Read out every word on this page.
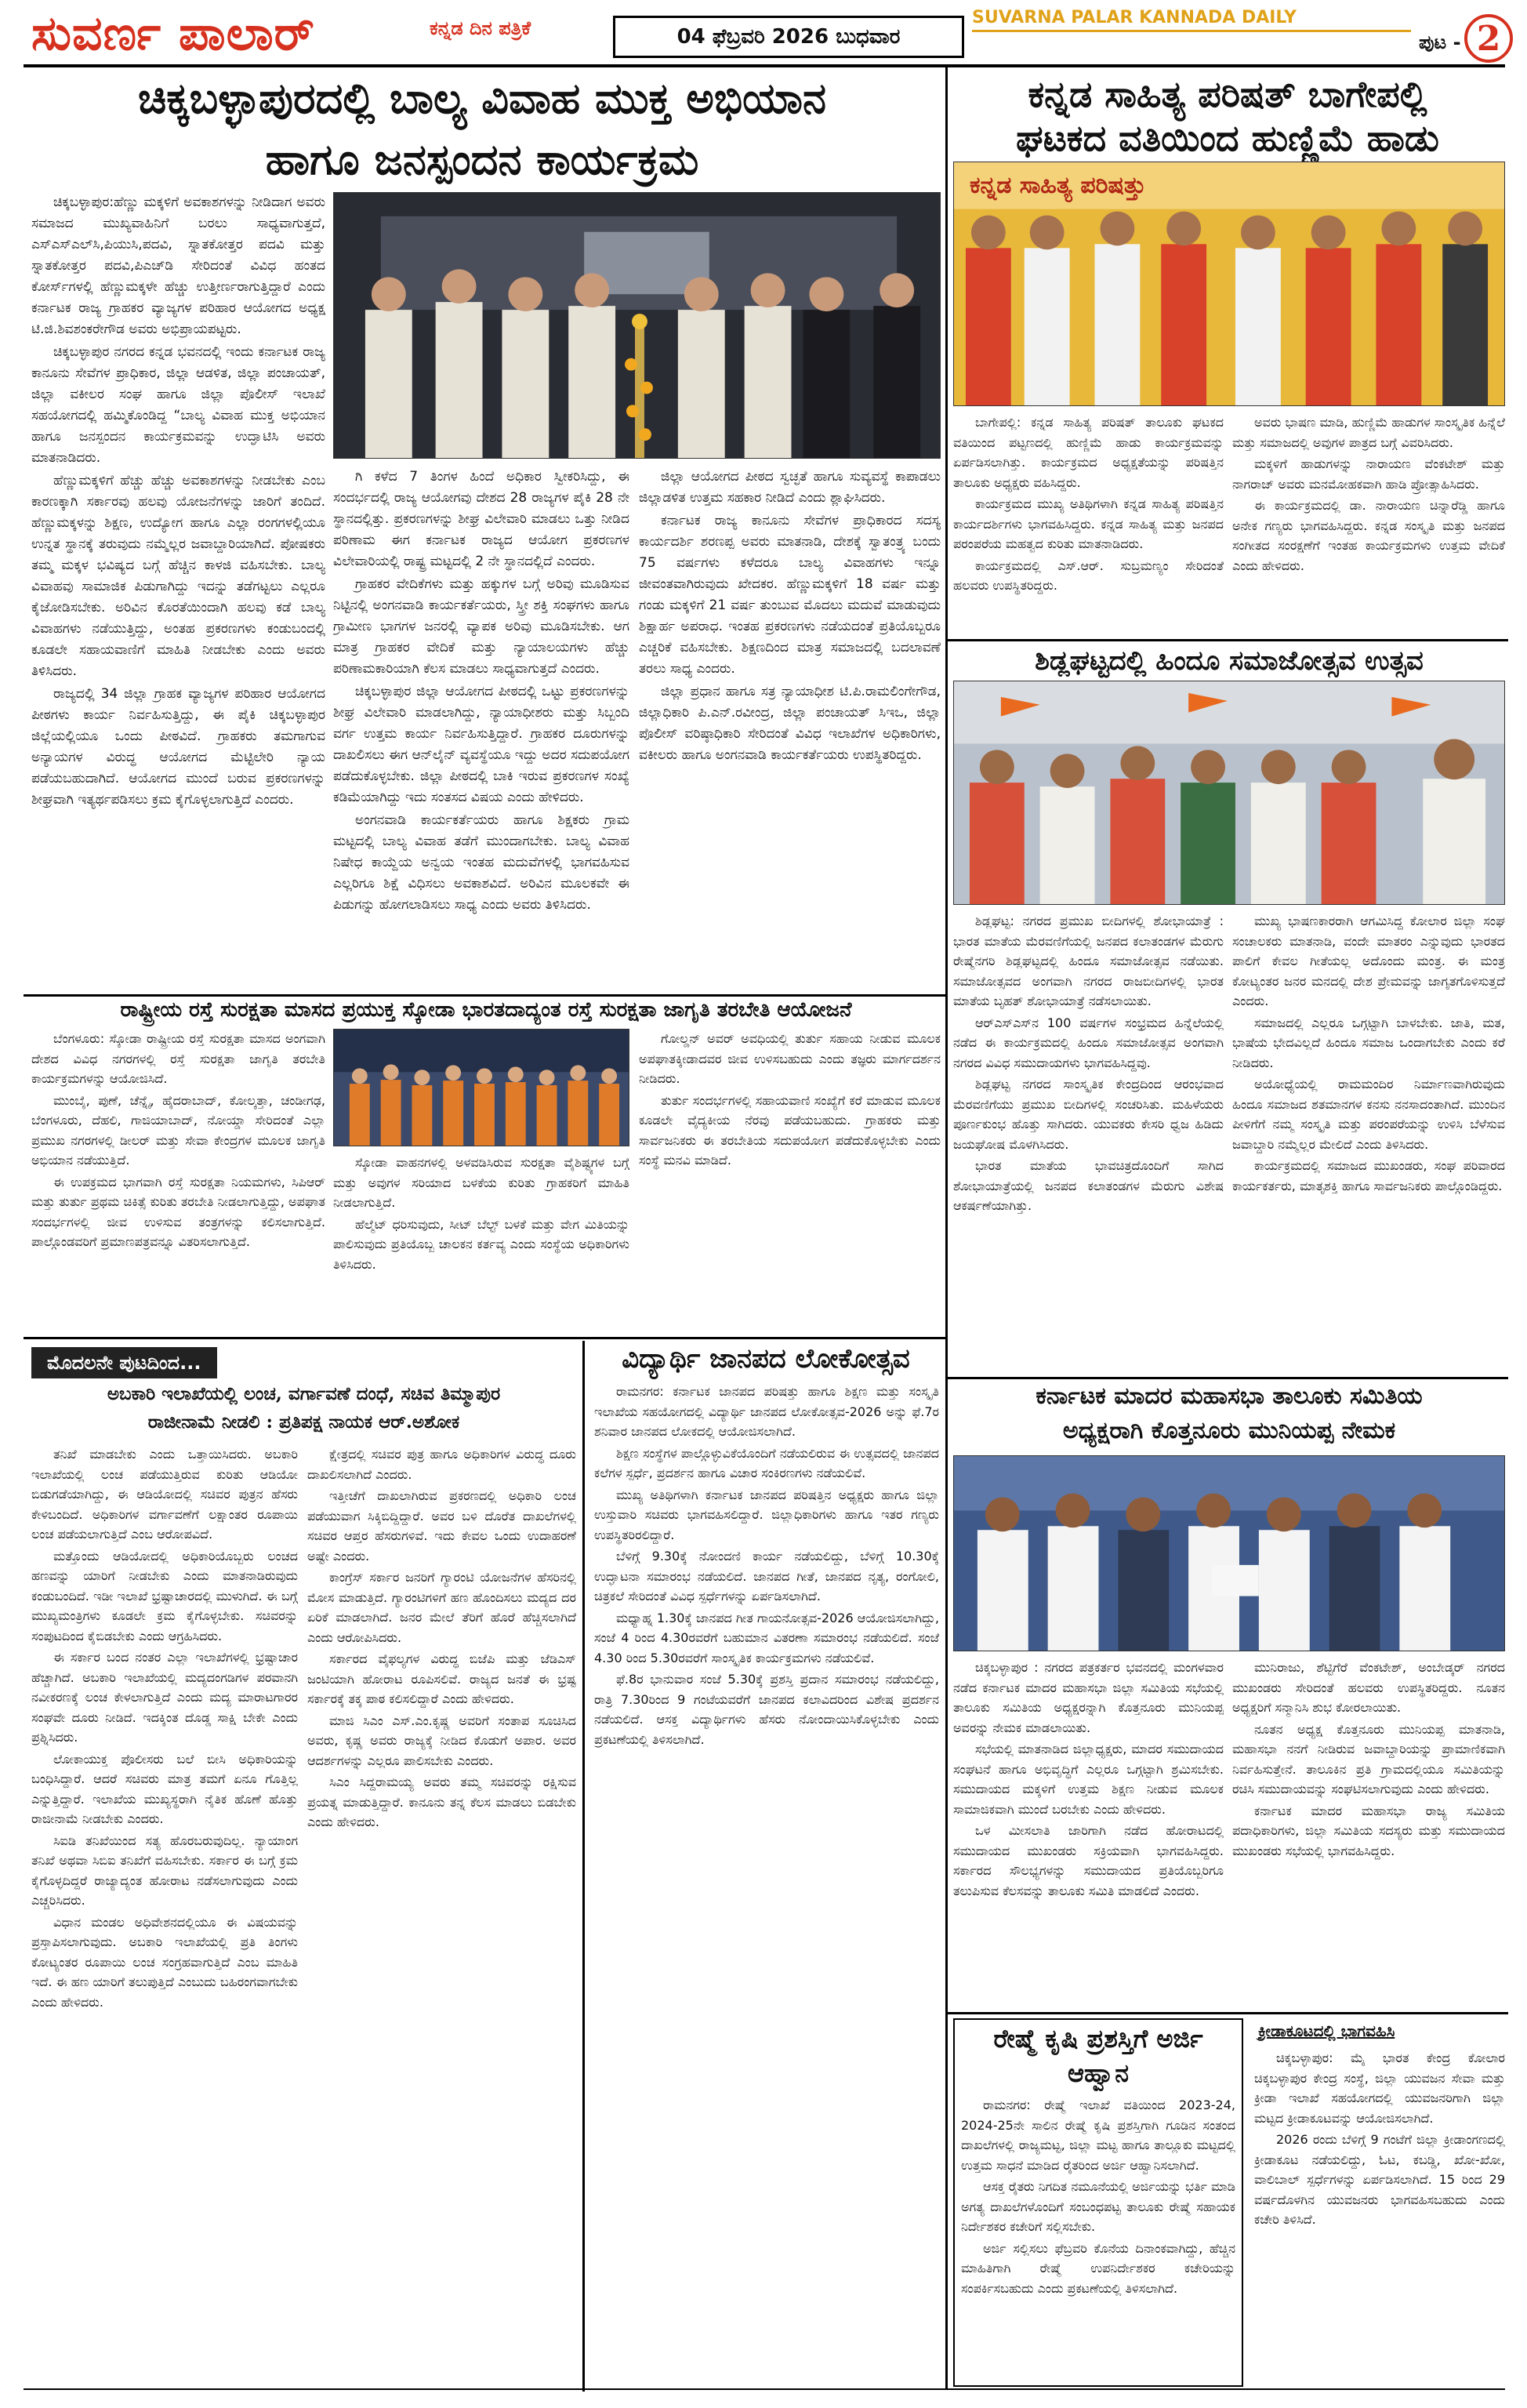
ಸುವರ್ಣ ಪಾಲಾರ್	ಕನ್ನಡ ದಿನ ಪತ್ರಿಕೆ	04 ಫೆಬ್ರವರಿ 2026 ಬುಧವಾರ
SUVARNA PALAR KANNADA DAILY
ಪುಟ - 2
ಚಿಕ್ಕಬಳ್ಳಾಪುರದಲ್ಲಿ ಬಾಲ್ಯ ವಿವಾಹ ಮುಕ್ತ ಅಭಿಯಾನ
ಹಾಗೂ ಜನಸ್ಪಂದನ ಕಾರ್ಯಕ್ರಮ

ಚಿಕ್ಕಬಳ್ಳಾಪುರ:ಹೆಣ್ಣು ಮಕ್ಕಳಿಗೆ ಅವಕಾಶಗಳನ್ನು ನೀಡಿದಾಗ ಅವರು ಸಮಾಜದ ಮುಖ್ಯವಾಹಿನಿಗೆ ಬರಲು ಸಾಧ್ಯವಾಗುತ್ತದೆ, ಎಸ್‌ಎಸ್‌ಎಲ್‌ಸಿ,ಪಿಯುಸಿ,ಪದವಿ, ಸ್ನಾತಕೋತ್ತರ ಪದವಿ ಮತ್ತು ಸ್ನಾತಕೋತ್ತರ ಪದವಿ,ಪಿಎಚ್‌ಡಿ ಸೇರಿದಂತೆ ವಿವಿಧ ಹಂತದ ಕೋರ್ಸ್‌ಗಳಲ್ಲಿ ಹೆಣ್ಣುಮಕ್ಕಳೇ ಹೆಚ್ಚು ಉತ್ತೀರ್ಣರಾಗುತ್ತಿದ್ದಾರೆ ಎಂದು ಕರ್ನಾಟಕ ರಾಜ್ಯ ಗ್ರಾಹಕರ ವ್ಯಾಜ್ಯಗಳ ಪರಿಹಾರ ಆಯೋಗದ ಅಧ್ಯಕ್ಷ ಟಿ.ಜಿ.ಶಿವಶಂಕರೇಗೌಡ ಅವರು ಅಭಿಪ್ರಾಯಪಟ್ಟರು.

ಚಿಕ್ಕಬಳ್ಳಾಪುರ ನಗರದ ಕನ್ನಡ ಭವನದಲ್ಲಿ ಇಂದು ಕರ್ನಾಟಕ ರಾಜ್ಯ ಕಾನೂನು ಸೇವೆಗಳ ಪ್ರಾಧಿಕಾರ, ಜಿಲ್ಲಾ ಆಡಳಿತ, ಜಿಲ್ಲಾ ಪಂಚಾಯತ್, ಜಿಲ್ಲಾ ವಕೀಲರ ಸಂಘ ಹಾಗೂ ಜಿಲ್ಲಾ ಪೊಲೀಸ್ ಇಲಾಖೆ ಸಹಯೋಗದಲ್ಲಿ ಹಮ್ಮಿಕೊಂಡಿದ್ದ “ಬಾಲ್ಯ ವಿವಾಹ ಮುಕ್ತ ಅಭಿಯಾನ ಹಾಗೂ ಜನಸ್ಪಂದನ ಕಾರ್ಯಕ್ರಮವನ್ನು ಉದ್ಘಾಟಿಸಿ ಅವರು ಮಾತನಾಡಿದರು.

ಹೆಣ್ಣುಮಕ್ಕಳಿಗೆ ಹೆಚ್ಚು ಹೆಚ್ಚು ಅವಕಾಶಗಳನ್ನು ನೀಡಬೇಕು ಎಂಬ ಕಾರಣಕ್ಕಾಗಿ ಸರ್ಕಾರವು ಹಲವು ಯೋಜನೆಗಳನ್ನು ಜಾರಿಗೆ ತಂದಿದೆ. ಹೆಣ್ಣುಮಕ್ಕಳನ್ನು ಶಿಕ್ಷಣ, ಉದ್ಯೋಗ ಹಾಗೂ ಎಲ್ಲಾ ರಂಗಗಳಲ್ಲಿಯೂ ಉನ್ನತ ಸ್ಥಾನಕ್ಕೆ ತರುವುದು ನಮ್ಮೆಲ್ಲರ ಜವಾಬ್ದಾರಿಯಾಗಿದೆ. ಪೋಷಕರು ತಮ್ಮ ಮಕ್ಕಳ ಭವಿಷ್ಯದ ಬಗ್ಗೆ ಹೆಚ್ಚಿನ ಕಾಳಜಿ ವಹಿಸಬೇಕು. ಬಾಲ್ಯ ವಿವಾಹವು ಸಾಮಾಜಿಕ ಪಿಡುಗಾಗಿದ್ದು ಇದನ್ನು ತಡೆಗಟ್ಟಲು ಎಲ್ಲರೂ ಕೈಜೋಡಿಸಬೇಕು. ಅರಿವಿನ ಕೊರತೆಯಿಂದಾಗಿ ಹಲವು ಕಡೆ ಬಾಲ್ಯ ವಿವಾಹಗಳು ನಡೆಯುತ್ತಿದ್ದು, ಅಂತಹ ಪ್ರಕರಣಗಳು ಕಂಡುಬಂದಲ್ಲಿ ಕೂಡಲೇ ಸಹಾಯವಾಣಿಗೆ ಮಾಹಿತಿ ನೀಡಬೇಕು ಎಂದು ಅವರು ತಿಳಿಸಿದರು.

ರಾಜ್ಯದಲ್ಲಿ 34 ಜಿಲ್ಲಾ ಗ್ರಾಹಕ ವ್ಯಾಜ್ಯಗಳ ಪರಿಹಾರ ಆಯೋಗದ ಪೀಠಗಳು ಕಾರ್ಯ ನಿರ್ವಹಿಸುತ್ತಿದ್ದು, ಈ ಪೈಕಿ ಚಿಕ್ಕಬಳ್ಳಾಪುರ ಜಿಲ್ಲೆಯಲ್ಲಿಯೂ ಒಂದು ಪೀಠವಿದೆ. ಗ್ರಾಹಕರು ತಮಗಾಗುವ ಅನ್ಯಾಯಗಳ ವಿರುದ್ಧ ಆಯೋಗದ ಮೆಟ್ಟಿಲೇರಿ ನ್ಯಾಯ ಪಡೆಯಬಹುದಾಗಿದೆ. ಆಯೋಗದ ಮುಂದೆ ಬರುವ ಪ್ರಕರಣಗಳನ್ನು ಶೀಘ್ರವಾಗಿ ಇತ್ಯರ್ಥಪಡಿಸಲು ಕ್ರಮ ಕೈಗೊಳ್ಳಲಾಗುತ್ತಿದೆ ಎಂದರು.

ಗಿ ಕಳೆದ 7 ತಿಂಗಳ ಹಿಂದೆ ಅಧಿಕಾರ ಸ್ವೀಕರಿಸಿದ್ದು, ಈ ಸಂದರ್ಭದಲ್ಲಿ ರಾಜ್ಯ ಆಯೋಗವು ದೇಶದ 28 ರಾಜ್ಯಗಳ ಪೈಕಿ 28 ನೇ ಸ್ಥಾನದಲ್ಲಿತ್ತು. ಪ್ರಕರಣಗಳನ್ನು ಶೀಘ್ರ ವಿಲೇವಾರಿ ಮಾಡಲು ಒತ್ತು ನೀಡಿದ ಪರಿಣಾಮ ಈಗ ಕರ್ನಾಟಕ ರಾಜ್ಯದ ಆಯೋಗ ಪ್ರಕರಣಗಳ ವಿಲೇವಾರಿಯಲ್ಲಿ ರಾಷ್ಟ್ರ ಮಟ್ಟದಲ್ಲಿ 2 ನೇ ಸ್ಥಾನದಲ್ಲಿದೆ ಎಂದರು.

ಗ್ರಾಹಕರ ವೇದಿಕೆಗಳು ಮತ್ತು ಹಕ್ಕುಗಳ ಬಗ್ಗೆ ಅರಿವು ಮೂಡಿಸುವ ನಿಟ್ಟಿನಲ್ಲಿ ಅಂಗನವಾಡಿ ಕಾರ್ಯಕರ್ತೆಯರು, ಸ್ತ್ರೀ ಶಕ್ತಿ ಸಂಘಗಳು ಹಾಗೂ ಗ್ರಾಮೀಣ ಭಾಗಗಳ ಜನರಲ್ಲಿ ವ್ಯಾಪಕ ಅರಿವು ಮೂಡಿಸಬೇಕು. ಆಗ ಮಾತ್ರ ಗ್ರಾಹಕರ ವೇದಿಕೆ ಮತ್ತು ನ್ಯಾಯಾಲಯಗಳು ಹೆಚ್ಚು ಪರಿಣಾಮಕಾರಿಯಾಗಿ ಕೆಲಸ ಮಾಡಲು ಸಾಧ್ಯವಾಗುತ್ತದೆ ಎಂದರು.

ಚಿಕ್ಕಬಳ್ಳಾಪುರ ಜಿಲ್ಲಾ ಆಯೋಗದ ಪೀಠದಲ್ಲಿ ಒಟ್ಟು ಪ್ರಕರಣಗಳನ್ನು ಶೀಘ್ರ ವಿಲೇವಾರಿ ಮಾಡಲಾಗಿದ್ದು, ನ್ಯಾಯಾಧೀಶರು ಮತ್ತು ಸಿಬ್ಬಂದಿ ವರ್ಗ ಉತ್ತಮ ಕಾರ್ಯ ನಿರ್ವಹಿಸುತ್ತಿದ್ದಾರೆ. ಗ್ರಾಹಕರ ದೂರುಗಳನ್ನು ದಾಖಲಿಸಲು ಈಗ ಆನ್‌ಲೈನ್ ವ್ಯವಸ್ಥೆಯೂ ಇದ್ದು ಅದರ ಸದುಪಯೋಗ ಪಡೆದುಕೊಳ್ಳಬೇಕು. ಜಿಲ್ಲಾ ಪೀಠದಲ್ಲಿ ಬಾಕಿ ಇರುವ ಪ್ರಕರಣಗಳ ಸಂಖ್ಯೆ ಕಡಿಮೆಯಾಗಿದ್ದು ಇದು ಸಂತಸದ ವಿಷಯ ಎಂದು ಹೇಳಿದರು.

ಅಂಗನವಾಡಿ ಕಾರ್ಯಕರ್ತೆಯರು ಹಾಗೂ ಶಿಕ್ಷಕರು ಗ್ರಾಮ ಮಟ್ಟದಲ್ಲಿ ಬಾಲ್ಯ ವಿವಾಹ ತಡೆಗೆ ಮುಂದಾಗಬೇಕು. ಬಾಲ್ಯ ವಿವಾಹ ನಿಷೇಧ ಕಾಯ್ದೆಯ ಅನ್ವಯ ಇಂತಹ ಮದುವೆಗಳಲ್ಲಿ ಭಾಗವಹಿಸುವ ಎಲ್ಲರಿಗೂ ಶಿಕ್ಷೆ ವಿಧಿಸಲು ಅವಕಾಶವಿದೆ. ಅರಿವಿನ ಮೂಲಕವೇ ಈ ಪಿಡುಗನ್ನು ಹೋಗಲಾಡಿಸಲು ಸಾಧ್ಯ ಎಂದು ಅವರು ತಿಳಿಸಿದರು.

ಜಿಲ್ಲಾ ಆಯೋಗದ ಪೀಠದ ಸ್ವಚ್ಛತೆ ಹಾಗೂ ಸುವ್ಯವಸ್ಥೆ ಕಾಪಾಡಲು ಜಿಲ್ಲಾಡಳಿತ ಉತ್ತಮ ಸಹಕಾರ ನೀಡಿದೆ ಎಂದು ಶ್ಲಾಘಿಸಿದರು.

ಕರ್ನಾಟಕ ರಾಜ್ಯ ಕಾನೂನು ಸೇವೆಗಳ ಪ್ರಾಧಿಕಾರದ ಸದಸ್ಯ ಕಾರ್ಯದರ್ಶಿ ಶರಣಪ್ಪ ಅವರು ಮಾತನಾಡಿ, ದೇಶಕ್ಕೆ ಸ್ವಾತಂತ್ರ್ಯ ಬಂದು 75 ವರ್ಷಗಳು ಕಳೆದರೂ ಬಾಲ್ಯ ವಿವಾಹಗಳು ಇನ್ನೂ ಜೀವಂತವಾಗಿರುವುದು ಖೇದಕರ. ಹೆಣ್ಣುಮಕ್ಕಳಿಗೆ 18 ವರ್ಷ ಮತ್ತು ಗಂಡು ಮಕ್ಕಳಿಗೆ 21 ವರ್ಷ ತುಂಬುವ ಮೊದಲು ಮದುವೆ ಮಾಡುವುದು ಶಿಕ್ಷಾರ್ಹ ಅಪರಾಧ. ಇಂತಹ ಪ್ರಕರಣಗಳು ನಡೆಯದಂತೆ ಪ್ರತಿಯೊಬ್ಬರೂ ಎಚ್ಚರಿಕೆ ವಹಿಸಬೇಕು. ಶಿಕ್ಷಣದಿಂದ ಮಾತ್ರ ಸಮಾಜದಲ್ಲಿ ಬದಲಾವಣೆ ತರಲು ಸಾಧ್ಯ ಎಂದರು.

ಜಿಲ್ಲಾ ಪ್ರಧಾನ ಹಾಗೂ ಸತ್ರ ನ್ಯಾಯಾಧೀಶ ಟಿ.ಪಿ.ರಾಮಲಿಂಗೇಗೌಡ, ಜಿಲ್ಲಾಧಿಕಾರಿ ಪಿ.ಎನ್.ರವೀಂದ್ರ, ಜಿಲ್ಲಾ ಪಂಚಾಯತ್ ಸಿಇಒ, ಜಿಲ್ಲಾ ಪೊಲೀಸ್ ವರಿಷ್ಠಾಧಿಕಾರಿ ಸೇರಿದಂತೆ ವಿವಿಧ ಇಲಾಖೆಗಳ ಅಧಿಕಾರಿಗಳು, ವಕೀಲರು ಹಾಗೂ ಅಂಗನವಾಡಿ ಕಾರ್ಯಕರ್ತೆಯರು ಉಪಸ್ಥಿತರಿದ್ದರು.

ರಾಷ್ಟ್ರೀಯ ರಸ್ತೆ ಸುರಕ್ಷತಾ ಮಾಸದ ಪ್ರಯುಕ್ತ ಸ್ಕೋಡಾ ಭಾರತದಾದ್ಯಂತ ರಸ್ತೆ ಸುರಕ್ಷತಾ ಜಾಗೃತಿ ತರಬೇತಿ ಆಯೋಜನೆ

ಬೆಂಗಳೂರು: ಸ್ಕೋಡಾ ರಾಷ್ಟ್ರೀಯ ರಸ್ತೆ ಸುರಕ್ಷತಾ ಮಾಸದ ಅಂಗವಾಗಿ ದೇಶದ ವಿವಿಧ ನಗರಗಳಲ್ಲಿ ರಸ್ತೆ ಸುರಕ್ಷತಾ ಜಾಗೃತಿ ತರಬೇತಿ ಕಾರ್ಯಕ್ರಮಗಳನ್ನು ಆಯೋಜಿಸಿದೆ.

ಮುಂಬೈ, ಪುಣೆ, ಚೆನ್ನೈ, ಹೈದರಾಬಾದ್, ಕೋಲ್ಕತ್ತಾ, ಚಂಡೀಗಢ, ಬೆಂಗಳೂರು, ದೆಹಲಿ, ಗಾಜಿಯಾಬಾದ್, ನೋಯ್ಡಾ ಸೇರಿದಂತೆ ಎಲ್ಲಾ ಪ್ರಮುಖ ನಗರಗಳಲ್ಲಿ ಡೀಲರ್ ಮತ್ತು ಸೇವಾ ಕೇಂದ್ರಗಳ ಮೂಲಕ ಜಾಗೃತಿ ಅಭಿಯಾನ ನಡೆಯುತ್ತಿದೆ.

ಈ ಉಪಕ್ರಮದ ಭಾಗವಾಗಿ ರಸ್ತೆ ಸುರಕ್ಷತಾ ನಿಯಮಗಳು, ಸಿಪಿಆರ್ ಮತ್ತು ತುರ್ತು ಪ್ರಥಮ ಚಿಕಿತ್ಸೆ ಕುರಿತು ತರಬೇತಿ ನೀಡಲಾಗುತ್ತಿದ್ದು, ಅಪಘಾತ ಸಂದರ್ಭಗಳಲ್ಲಿ ಜೀವ ಉಳಿಸುವ ತಂತ್ರಗಳನ್ನು ಕಲಿಸಲಾಗುತ್ತಿದೆ. ಪಾಲ್ಗೊಂಡವರಿಗೆ ಪ್ರಮಾಣಪತ್ರವನ್ನೂ ವಿತರಿಸಲಾಗುತ್ತಿದೆ.

ಸ್ಕೋಡಾ ವಾಹನಗಳಲ್ಲಿ ಅಳವಡಿಸಿರುವ ಸುರಕ್ಷತಾ ವೈಶಿಷ್ಟ್ಯಗಳ ಬಗ್ಗೆ ಮತ್ತು ಅವುಗಳ ಸರಿಯಾದ ಬಳಕೆಯ ಕುರಿತು ಗ್ರಾಹಕರಿಗೆ ಮಾಹಿತಿ ನೀಡಲಾಗುತ್ತಿದೆ.

ಹೆಲ್ಮೆಟ್ ಧರಿಸುವುದು, ಸೀಟ್ ಬೆಲ್ಟ್ ಬಳಕೆ ಮತ್ತು ವೇಗ ಮಿತಿಯನ್ನು ಪಾಲಿಸುವುದು ಪ್ರತಿಯೊಬ್ಬ ಚಾಲಕನ ಕರ್ತವ್ಯ ಎಂದು ಸಂಸ್ಥೆಯ ಅಧಿಕಾರಿಗಳು ತಿಳಿಸಿದರು.

ಗೋಲ್ಡನ್ ಅವರ್ ಅವಧಿಯಲ್ಲಿ ತುರ್ತು ಸಹಾಯ ನೀಡುವ ಮೂಲಕ ಅಪಘಾತಕ್ಕೀಡಾದವರ ಜೀವ ಉಳಿಸಬಹುದು ಎಂದು ತಜ್ಞರು ಮಾರ್ಗದರ್ಶನ ನೀಡಿದರು.

ತುರ್ತು ಸಂದರ್ಭಗಳಲ್ಲಿ ಸಹಾಯವಾಣಿ ಸಂಖ್ಯೆಗೆ ಕರೆ ಮಾಡುವ ಮೂಲಕ ಕೂಡಲೇ ವೈದ್ಯಕೀಯ ನೆರವು ಪಡೆಯಬಹುದು. ಗ್ರಾಹಕರು ಮತ್ತು ಸಾರ್ವಜನಿಕರು ಈ ತರಬೇತಿಯ ಸದುಪಯೋಗ ಪಡೆದುಕೊಳ್ಳಬೇಕು ಎಂದು ಸಂಸ್ಥೆ ಮನವಿ ಮಾಡಿದೆ.

ಮೊದಲನೇ ಪುಟದಿಂದ...
ಅಬಕಾರಿ ಇಲಾಖೆಯಲ್ಲಿ ಲಂಚ, ವರ್ಗಾವಣೆ ದಂಧೆ, ಸಚಿವ ತಿಮ್ಮಾಪುರ
ರಾಜೀನಾಮೆ ನೀಡಲಿ : ಪ್ರತಿಪಕ್ಷ ನಾಯಕ ಆರ್.ಅಶೋಕ

ತನಿಖೆ ಮಾಡಬೇಕು ಎಂದು ಒತ್ತಾಯಿಸಿದರು. ಅಬಕಾರಿ ಇಲಾಖೆಯಲ್ಲಿ ಲಂಚ ಪಡೆಯುತ್ತಿರುವ ಕುರಿತು ಆಡಿಯೋ ಬಿಡುಗಡೆಯಾಗಿದ್ದು, ಈ ಆಡಿಯೋದಲ್ಲಿ ಸಚಿವರ ಪುತ್ರನ ಹೆಸರು ಕೇಳಿಬಂದಿದೆ. ಅಧಿಕಾರಿಗಳ ವರ್ಗಾವಣೆಗೆ ಲಕ್ಷಾಂತರ ರೂಪಾಯಿ ಲಂಚ ಪಡೆಯಲಾಗುತ್ತಿದೆ ಎಂಬ ಆರೋಪವಿದೆ.

ಮತ್ತೊಂದು ಆಡಿಯೋದಲ್ಲಿ ಅಧಿಕಾರಿಯೊಬ್ಬರು ಲಂಚದ ಹಣವನ್ನು ಯಾರಿಗೆ ನೀಡಬೇಕು ಎಂದು ಮಾತನಾಡಿರುವುದು ಕಂಡುಬಂದಿದೆ. ಇಡೀ ಇಲಾಖೆ ಭ್ರಷ್ಟಾಚಾರದಲ್ಲಿ ಮುಳುಗಿದೆ. ಈ ಬಗ್ಗೆ ಮುಖ್ಯಮಂತ್ರಿಗಳು ಕೂಡಲೇ ಕ್ರಮ ಕೈಗೊಳ್ಳಬೇಕು. ಸಚಿವರನ್ನು ಸಂಪುಟದಿಂದ ಕೈಬಿಡಬೇಕು ಎಂದು ಆಗ್ರಹಿಸಿದರು.

ಈ ಸರ್ಕಾರ ಬಂದ ನಂತರ ಎಲ್ಲಾ ಇಲಾಖೆಗಳಲ್ಲಿ ಭ್ರಷ್ಟಾಚಾರ ಹೆಚ್ಚಾಗಿದೆ. ಅಬಕಾರಿ ಇಲಾಖೆಯಲ್ಲಿ ಮದ್ಯದಂಗಡಿಗಳ ಪರವಾನಗಿ ನವೀಕರಣಕ್ಕೆ ಲಂಚ ಕೇಳಲಾಗುತ್ತಿದೆ ಎಂದು ಮದ್ಯ ಮಾರಾಟಗಾರರ ಸಂಘವೇ ದೂರು ನೀಡಿದೆ. ಇದಕ್ಕಿಂತ ದೊಡ್ಡ ಸಾಕ್ಷಿ ಬೇಕೇ ಎಂದು ಪ್ರಶ್ನಿಸಿದರು.

ಲೋಕಾಯುಕ್ತ ಪೊಲೀಸರು ಬಲೆ ಬೀಸಿ ಅಧಿಕಾರಿಯನ್ನು ಬಂಧಿಸಿದ್ದಾರೆ. ಆದರೆ ಸಚಿವರು ಮಾತ್ರ ತಮಗೆ ಏನೂ ಗೊತ್ತಿಲ್ಲ ಎನ್ನುತ್ತಿದ್ದಾರೆ. ಇಲಾಖೆಯ ಮುಖ್ಯಸ್ಥರಾಗಿ ನೈತಿಕ ಹೊಣೆ ಹೊತ್ತು ರಾಜೀನಾಮೆ ನೀಡಬೇಕು ಎಂದರು.

ಸಿಐಡಿ ತನಿಖೆಯಿಂದ ಸತ್ಯ ಹೊರಬರುವುದಿಲ್ಲ. ನ್ಯಾಯಾಂಗ ತನಿಖೆ ಅಥವಾ ಸಿಬಿಐ ತನಿಖೆಗೆ ವಹಿಸಬೇಕು. ಸರ್ಕಾರ ಈ ಬಗ್ಗೆ ಕ್ರಮ ಕೈಗೊಳ್ಳದಿದ್ದರೆ ರಾಜ್ಯಾದ್ಯಂತ ಹೋರಾಟ ನಡೆಸಲಾಗುವುದು ಎಂದು ಎಚ್ಚರಿಸಿದರು.

ವಿಧಾನ ಮಂಡಲ ಅಧಿವೇಶನದಲ್ಲಿಯೂ ಈ ವಿಷಯವನ್ನು ಪ್ರಸ್ತಾಪಿಸಲಾಗುವುದು. ಅಬಕಾರಿ ಇಲಾಖೆಯಲ್ಲಿ ಪ್ರತಿ ತಿಂಗಳು ಕೋಟ್ಯಂತರ ರೂಪಾಯಿ ಲಂಚ ಸಂಗ್ರಹವಾಗುತ್ತಿದೆ ಎಂಬ ಮಾಹಿತಿ ಇದೆ. ಈ ಹಣ ಯಾರಿಗೆ ತಲುಪುತ್ತಿದೆ ಎಂಬುದು ಬಹಿರಂಗವಾಗಬೇಕು ಎಂದು ಹೇಳಿದರು.

ಕ್ಷೇತ್ರದಲ್ಲಿ ಸಚಿವರ ಪುತ್ರ ಹಾಗೂ ಅಧಿಕಾರಿಗಳ ವಿರುದ್ಧ ದೂರು ದಾಖಲಿಸಲಾಗಿದೆ ಎಂದರು.

ಇತ್ತೀಚೆಗೆ ದಾಖಲಾಗಿರುವ ಪ್ರಕರಣದಲ್ಲಿ ಅಧಿಕಾರಿ ಲಂಚ ಪಡೆಯುವಾಗ ಸಿಕ್ಕಿಬಿದ್ದಿದ್ದಾರೆ. ಅವರ ಬಳಿ ದೊರೆತ ದಾಖಲೆಗಳಲ್ಲಿ ಸಚಿವರ ಆಪ್ತರ ಹೆಸರುಗಳಿವೆ. ಇದು ಕೇವಲ ಒಂದು ಉದಾಹರಣೆ ಅಷ್ಟೇ ಎಂದರು.

ಕಾಂಗ್ರೆಸ್ ಸರ್ಕಾರ ಜನರಿಗೆ ಗ್ಯಾರಂಟಿ ಯೋಜನೆಗಳ ಹೆಸರಿನಲ್ಲಿ ಮೋಸ ಮಾಡುತ್ತಿದೆ. ಗ್ಯಾರಂಟಿಗಳಿಗೆ ಹಣ ಹೊಂದಿಸಲು ಮದ್ಯದ ದರ ಏರಿಕೆ ಮಾಡಲಾಗಿದೆ. ಜನರ ಮೇಲೆ ತೆರಿಗೆ ಹೊರೆ ಹೆಚ್ಚಿಸಲಾಗಿದೆ ಎಂದು ಆರೋಪಿಸಿದರು.

ಸರ್ಕಾರದ ವೈಫಲ್ಯಗಳ ವಿರುದ್ಧ ಬಿಜೆಪಿ ಮತ್ತು ಜೆಡಿಎಸ್ ಜಂಟಿಯಾಗಿ ಹೋರಾಟ ರೂಪಿಸಲಿವೆ. ರಾಜ್ಯದ ಜನತೆ ಈ ಭ್ರಷ್ಟ ಸರ್ಕಾರಕ್ಕೆ ತಕ್ಕ ಪಾಠ ಕಲಿಸಲಿದ್ದಾರೆ ಎಂದು ಹೇಳಿದರು.

ಮಾಜಿ ಸಿಎಂ ಎಸ್.ಎಂ.ಕೃಷ್ಣ ಅವರಿಗೆ ಸಂತಾಪ ಸೂಚಿಸಿದ ಅವರು, ಕೃಷ್ಣ ಅವರು ರಾಜ್ಯಕ್ಕೆ ನೀಡಿದ ಕೊಡುಗೆ ಅಪಾರ. ಅವರ ಆದರ್ಶಗಳನ್ನು ಎಲ್ಲರೂ ಪಾಲಿಸಬೇಕು ಎಂದರು.

ಸಿಎಂ ಸಿದ್ದರಾಮಯ್ಯ ಅವರು ತಮ್ಮ ಸಚಿವರನ್ನು ರಕ್ಷಿಸುವ ಪ್ರಯತ್ನ ಮಾಡುತ್ತಿದ್ದಾರೆ. ಕಾನೂನು ತನ್ನ ಕೆಲಸ ಮಾಡಲು ಬಿಡಬೇಕು ಎಂದು ಹೇಳಿದರು.

ವಿದ್ಯಾರ್ಥಿ ಜಾನಪದ ಲೋಕೋತ್ಸವ

ರಾಮನಗರ: ಕರ್ನಾಟಕ ಜಾನಪದ ಪರಿಷತ್ತು ಹಾಗೂ ಶಿಕ್ಷಣ ಮತ್ತು ಸಂಸ್ಕೃತಿ ಇಲಾಖೆಯ ಸಹಯೋಗದಲ್ಲಿ ವಿದ್ಯಾರ್ಥಿ ಜಾನಪದ ಲೋಕೋತ್ಸವ-2026 ಅನ್ನು ಫೆ.7ರ ಶನಿವಾರ ಜಾನಪದ ಲೋಕದಲ್ಲಿ ಆಯೋಜಿಸಲಾಗಿದೆ.

ಶಿಕ್ಷಣ ಸಂಸ್ಥೆಗಳ ಪಾಲ್ಗೊಳ್ಳುವಿಕೆಯೊಂದಿಗೆ ನಡೆಯಲಿರುವ ಈ ಉತ್ಸವದಲ್ಲಿ ಜಾನಪದ ಕಲೆಗಳ ಸ್ಪರ್ಧೆ, ಪ್ರದರ್ಶನ ಹಾಗೂ ವಿಚಾರ ಸಂಕಿರಣಗಳು ನಡೆಯಲಿವೆ.

ಮುಖ್ಯ ಅತಿಥಿಗಳಾಗಿ ಕರ್ನಾಟಕ ಜಾನಪದ ಪರಿಷತ್ತಿನ ಅಧ್ಯಕ್ಷರು ಹಾಗೂ ಜಿಲ್ಲಾ ಉಸ್ತುವಾರಿ ಸಚಿವರು ಭಾಗವಹಿಸಲಿದ್ದಾರೆ. ಜಿಲ್ಲಾಧಿಕಾರಿಗಳು ಹಾಗೂ ಇತರ ಗಣ್ಯರು ಉಪಸ್ಥಿತರಿರಲಿದ್ದಾರೆ.

ಬೆಳಿಗ್ಗೆ 9.30ಕ್ಕೆ ನೋಂದಣಿ ಕಾರ್ಯ ನಡೆಯಲಿದ್ದು, ಬೆಳಿಗ್ಗೆ 10.30ಕ್ಕೆ ಉದ್ಘಾಟನಾ ಸಮಾರಂಭ ನಡೆಯಲಿದೆ. ಜಾನಪದ ಗೀತೆ, ಜಾನಪದ ನೃತ್ಯ, ರಂಗೋಲಿ, ಚಿತ್ರಕಲೆ ಸೇರಿದಂತೆ ವಿವಿಧ ಸ್ಪರ್ಧೆಗಳನ್ನು ಏರ್ಪಡಿಸಲಾಗಿದೆ.

ಮಧ್ಯಾಹ್ನ 1.30ಕ್ಕೆ ಜಾನಪದ ಗೀತ ಗಾಯನೋತ್ಸವ-2026 ಆಯೋಜಿಸಲಾಗಿದ್ದು, ಸಂಜೆ 4 ರಿಂದ 4.30ರವರೆಗೆ ಬಹುಮಾನ ವಿತರಣಾ ಸಮಾರಂಭ ನಡೆಯಲಿದೆ. ಸಂಜೆ 4.30 ರಿಂದ 5.30ರವರೆಗೆ ಸಾಂಸ್ಕೃತಿಕ ಕಾರ್ಯಕ್ರಮಗಳು ನಡೆಯಲಿವೆ.

ಫೆ.8ರ ಭಾನುವಾರ ಸಂಜೆ 5.30ಕ್ಕೆ ಪ್ರಶಸ್ತಿ ಪ್ರದಾನ ಸಮಾರಂಭ ನಡೆಯಲಿದ್ದು, ರಾತ್ರಿ 7.30ರಿಂದ 9 ಗಂಟೆಯವರೆಗೆ ಜಾನಪದ ಕಲಾವಿದರಿಂದ ವಿಶೇಷ ಪ್ರದರ್ಶನ ನಡೆಯಲಿದೆ. ಆಸಕ್ತ ವಿದ್ಯಾರ್ಥಿಗಳು ಹೆಸರು ನೋಂದಾಯಿಸಿಕೊಳ್ಳಬೇಕು ಎಂದು ಪ್ರಕಟಣೆಯಲ್ಲಿ ತಿಳಿಸಲಾಗಿದೆ.

ಕನ್ನಡ ಸಾಹಿತ್ಯ ಪರಿಷತ್ ಬಾಗೇಪಲ್ಲಿ
ಘಟಕದ ವತಿಯಿಂದ ಹುಣ್ಣಿಮೆ ಹಾಡು
ಕನ್ನಡ ಸಾಹಿತ್ಯ ಪರಿಷತ್ತು

ಬಾಗೇಪಲ್ಲಿ: ಕನ್ನಡ ಸಾಹಿತ್ಯ ಪರಿಷತ್ ತಾಲೂಕು ಘಟಕದ ವತಿಯಿಂದ ಪಟ್ಟಣದಲ್ಲಿ ಹುಣ್ಣಿಮೆ ಹಾಡು ಕಾರ್ಯಕ್ರಮವನ್ನು ಏರ್ಪಡಿಸಲಾಗಿತ್ತು. ಕಾರ್ಯಕ್ರಮದ ಅಧ್ಯಕ್ಷತೆಯನ್ನು ಪರಿಷತ್ತಿನ ತಾಲೂಕು ಅಧ್ಯಕ್ಷರು ವಹಿಸಿದ್ದರು.

ಕಾರ್ಯಕ್ರಮದ ಮುಖ್ಯ ಅತಿಥಿಗಳಾಗಿ ಕನ್ನಡ ಸಾಹಿತ್ಯ ಪರಿಷತ್ತಿನ ಕಾರ್ಯದರ್ಶಿಗಳು ಭಾಗವಹಿಸಿದ್ದರು. ಕನ್ನಡ ಸಾಹಿತ್ಯ ಮತ್ತು ಜನಪದ ಪರಂಪರೆಯ ಮಹತ್ವದ ಕುರಿತು ಮಾತನಾಡಿದರು.

ಕಾರ್ಯಕ್ರಮದಲ್ಲಿ ಎಸ್.ಆರ್. ಸುಬ್ರಮಣ್ಯಂ ಸೇರಿದಂತೆ ಹಲವರು ಉಪಸ್ಥಿತರಿದ್ದರು.

ಅವರು ಭಾಷಣ ಮಾಡಿ, ಹುಣ್ಣಿಮೆ ಹಾಡುಗಳ ಸಾಂಸ್ಕೃತಿಕ ಹಿನ್ನೆಲೆ ಮತ್ತು ಸಮಾಜದಲ್ಲಿ ಅವುಗಳ ಪಾತ್ರದ ಬಗ್ಗೆ ವಿವರಿಸಿದರು.

ಮಕ್ಕಳಿಗೆ ಹಾಡುಗಳನ್ನು ನಾರಾಯಣ ವೆಂಕಟೇಶ್ ಮತ್ತು ನಾಗರಾಜ್ ಅವರು ಮನಮೋಹಕವಾಗಿ ಹಾಡಿ ಪ್ರೋತ್ಸಾಹಿಸಿದರು.

ಈ ಕಾರ್ಯಕ್ರಮದಲ್ಲಿ ಡಾ. ನಾರಾಯಣ ಚಿನ್ನಾರೆಡ್ಡಿ ಹಾಗೂ ಅನೇಕ ಗಣ್ಯರು ಭಾಗವಹಿಸಿದ್ದರು. ಕನ್ನಡ ಸಂಸ್ಕೃತಿ ಮತ್ತು ಜನಪದ ಸಂಗೀತದ ಸಂರಕ್ಷಣೆಗೆ ಇಂತಹ ಕಾರ್ಯಕ್ರಮಗಳು ಉತ್ತಮ ವೇದಿಕೆ ಎಂದು ಹೇಳಿದರು.

ಶಿಡ್ಲಘಟ್ಟದಲ್ಲಿ ಹಿಂದೂ ಸಮಾಜೋತ್ಸವ ಉತ್ಸವ

ಶಿಡ್ಲಘಟ್ಟ: ನಗರದ ಪ್ರಮುಖ ಬೀದಿಗಳಲ್ಲಿ ಶೋಭಾಯಾತ್ರೆ : ಭಾರತ ಮಾತೆಯ ಮೆರವಣಿಗೆಯಲ್ಲಿ ಜನಪದ ಕಲಾತಂಡಗಳ ಮೆರುಗು ರೇಷ್ಮೆನಗರಿ ಶಿಡ್ಲಘಟ್ಟದಲ್ಲಿ ಹಿಂದೂ ಸಮಾಜೋತ್ಸವ ನಡೆಯಿತು. ಸಮಾಜೋತ್ಸವದ ಅಂಗವಾಗಿ ನಗರದ ರಾಜಬೀದಿಗಳಲ್ಲಿ ಭಾರತ ಮಾತೆಯ ಬೃಹತ್ ಶೋಭಾಯಾತ್ರೆ ನಡೆಸಲಾಯಿತು.

ಆರ್‌ಎಸ್‌ಎಸ್‌ನ 100 ವರ್ಷಗಳ ಸಂಭ್ರಮದ ಹಿನ್ನೆಲೆಯಲ್ಲಿ ನಡೆದ ಈ ಕಾರ್ಯಕ್ರಮದಲ್ಲಿ ಹಿಂದೂ ಸಮಾಜೋತ್ಸವ ಅಂಗವಾಗಿ ನಗರದ ವಿವಿಧ ಸಮುದಾಯಗಳು ಭಾಗವಹಿಸಿದ್ದವು.

ಶಿಡ್ಲಘಟ್ಟ ನಗರದ ಸಾಂಸ್ಕೃತಿಕ ಕೇಂದ್ರದಿಂದ ಆರಂಭವಾದ ಮೆರವಣಿಗೆಯು ಪ್ರಮುಖ ಬೀದಿಗಳಲ್ಲಿ ಸಂಚರಿಸಿತು. ಮಹಿಳೆಯರು ಪೂರ್ಣಕುಂಭ ಹೊತ್ತು ಸಾಗಿದರು. ಯುವಕರು ಕೇಸರಿ ಧ್ವಜ ಹಿಡಿದು ಜಯಘೋಷ ಮೊಳಗಿಸಿದರು.

ಭಾರತ ಮಾತೆಯ ಭಾವಚಿತ್ರದೊಂದಿಗೆ ಸಾಗಿದ ಶೋಭಾಯಾತ್ರೆಯಲ್ಲಿ ಜನಪದ ಕಲಾತಂಡಗಳ ಮೆರುಗು ವಿಶೇಷ ಆಕರ್ಷಣೆಯಾಗಿತ್ತು.

ಮುಖ್ಯ ಭಾಷಣಕಾರರಾಗಿ ಆಗಮಿಸಿದ್ದ ಕೋಲಾರ ಜಿಲ್ಲಾ ಸಂಘ ಸಂಚಾಲಕರು ಮಾತನಾಡಿ, ವಂದೇ ಮಾತರಂ ಎನ್ನುವುದು ಭಾರತದ ಪಾಲಿಗೆ ಕೇವಲ ಗೀತೆಯಲ್ಲ ಅದೊಂದು ಮಂತ್ರ. ಈ ಮಂತ್ರ ಕೋಟ್ಯಂತರ ಜನರ ಮನದಲ್ಲಿ ದೇಶ ಪ್ರೇಮವನ್ನು ಜಾಗೃತಗೊಳಿಸುತ್ತದೆ ಎಂದರು.

ಸಮಾಜದಲ್ಲಿ ಎಲ್ಲರೂ ಒಗ್ಗಟ್ಟಾಗಿ ಬಾಳಬೇಕು. ಜಾತಿ, ಮತ, ಭಾಷೆಯ ಭೇದವಿಲ್ಲದೆ ಹಿಂದೂ ಸಮಾಜ ಒಂದಾಗಬೇಕು ಎಂದು ಕರೆ ನೀಡಿದರು.

ಅಯೋಧ್ಯೆಯಲ್ಲಿ ರಾಮಮಂದಿರ ನಿರ್ಮಾಣವಾಗಿರುವುದು ಹಿಂದೂ ಸಮಾಜದ ಶತಮಾನಗಳ ಕನಸು ನನಸಾದಂತಾಗಿದೆ. ಮುಂದಿನ ಪೀಳಿಗೆಗೆ ನಮ್ಮ ಸಂಸ್ಕೃತಿ ಮತ್ತು ಪರಂಪರೆಯನ್ನು ಉಳಿಸಿ ಬೆಳೆಸುವ ಜವಾಬ್ದಾರಿ ನಮ್ಮೆಲ್ಲರ ಮೇಲಿದೆ ಎಂದು ತಿಳಿಸಿದರು.

ಕಾರ್ಯಕ್ರಮದಲ್ಲಿ ಸಮಾಜದ ಮುಖಂಡರು, ಸಂಘ ಪರಿವಾರದ ಕಾರ್ಯಕರ್ತರು, ಮಾತೃಶಕ್ತಿ ಹಾಗೂ ಸಾರ್ವಜನಿಕರು ಪಾಲ್ಗೊಂಡಿದ್ದರು.

ಕರ್ನಾಟಕ ಮಾದರ ಮಹಾಸಭಾ ತಾಲೂಕು ಸಮಿತಿಯ
ಅಧ್ಯಕ್ಷರಾಗಿ ಕೊತ್ತನೂರು ಮುನಿಯಪ್ಪ ನೇಮಕ

ಚಿಕ್ಕಬಳ್ಳಾಪುರ : ನಗರದ ಪತ್ರಕರ್ತರ ಭವನದಲ್ಲಿ ಮಂಗಳವಾರ ನಡೆದ ಕರ್ನಾಟಕ ಮಾದರ ಮಹಾಸಭಾ ಜಿಲ್ಲಾ ಸಮಿತಿಯ ಸಭೆಯಲ್ಲಿ ತಾಲೂಕು ಸಮಿತಿಯ ಅಧ್ಯಕ್ಷರನ್ನಾಗಿ ಕೊತ್ತನೂರು ಮುನಿಯಪ್ಪ ಅವರನ್ನು ನೇಮಕ ಮಾಡಲಾಯಿತು.

ಸಭೆಯಲ್ಲಿ ಮಾತನಾಡಿದ ಜಿಲ್ಲಾಧ್ಯಕ್ಷರು, ಮಾದರ ಸಮುದಾಯದ ಸಂಘಟನೆ ಹಾಗೂ ಅಭಿವೃದ್ಧಿಗೆ ಎಲ್ಲರೂ ಒಗ್ಗಟ್ಟಾಗಿ ಶ್ರಮಿಸಬೇಕು. ಸಮುದಾಯದ ಮಕ್ಕಳಿಗೆ ಉತ್ತಮ ಶಿಕ್ಷಣ ನೀಡುವ ಮೂಲಕ ಸಾಮಾಜಿಕವಾಗಿ ಮುಂದೆ ಬರಬೇಕು ಎಂದು ಹೇಳಿದರು.

ಒಳ ಮೀಸಲಾತಿ ಜಾರಿಗಾಗಿ ನಡೆದ ಹೋರಾಟದಲ್ಲಿ ಸಮುದಾಯದ ಮುಖಂಡರು ಸಕ್ರಿಯವಾಗಿ ಭಾಗವಹಿಸಿದ್ದರು. ಸರ್ಕಾರದ ಸೌಲಭ್ಯಗಳನ್ನು ಸಮುದಾಯದ ಪ್ರತಿಯೊಬ್ಬರಿಗೂ ತಲುಪಿಸುವ ಕೆಲಸವನ್ನು ತಾಲೂಕು ಸಮಿತಿ ಮಾಡಲಿದೆ ಎಂದರು.

ಮುನಿರಾಜು, ಶೆಟ್ಟಿಗೆರೆ ವೆಂಕಟೇಶ್, ಅಂಬೇಡ್ಕರ್ ನಗರದ ಮುಖಂಡರು ಸೇರಿದಂತೆ ಹಲವರು ಉಪಸ್ಥಿತರಿದ್ದರು. ನೂತನ ಅಧ್ಯಕ್ಷರಿಗೆ ಸನ್ಮಾನಿಸಿ ಶುಭ ಕೋರಲಾಯಿತು.

ನೂತನ ಅಧ್ಯಕ್ಷ ಕೊತ್ತನೂರು ಮುನಿಯಪ್ಪ ಮಾತನಾಡಿ, ಮಹಾಸಭಾ ನನಗೆ ನೀಡಿರುವ ಜವಾಬ್ದಾರಿಯನ್ನು ಪ್ರಾಮಾಣಿಕವಾಗಿ ನಿರ್ವಹಿಸುತ್ತೇನೆ. ತಾಲೂಕಿನ ಪ್ರತಿ ಗ್ರಾಮದಲ್ಲಿಯೂ ಸಮಿತಿಯನ್ನು ರಚಿಸಿ ಸಮುದಾಯವನ್ನು ಸಂಘಟಿಸಲಾಗುವುದು ಎಂದು ಹೇಳಿದರು.

ಕರ್ನಾಟಕ ಮಾದರ ಮಹಾಸಭಾ ರಾಜ್ಯ ಸಮಿತಿಯ ಪದಾಧಿಕಾರಿಗಳು, ಜಿಲ್ಲಾ ಸಮಿತಿಯ ಸದಸ್ಯರು ಮತ್ತು ಸಮುದಾಯದ ಮುಖಂಡರು ಸಭೆಯಲ್ಲಿ ಭಾಗವಹಿಸಿದ್ದರು.

ರೇಷ್ಮೆ ಕೃಷಿ ಪ್ರಶಸ್ತಿಗೆ ಅರ್ಜಿ
ಆಹ್ವಾನ

ರಾಮನಗರ: ರೇಷ್ಮೆ ಇಲಾಖೆ ವತಿಯಿಂದ 2023-24, 2024-25ನೇ ಸಾಲಿನ ರೇಷ್ಮೆ ಕೃಷಿ ಪ್ರಶಸ್ತಿಗಾಗಿ ಗೂಡಿನ ಸಂತಂದ ದಾಖಲೆಗಳಲ್ಲಿ ರಾಜ್ಯಮಟ್ಟ, ಜಿಲ್ಲಾ ಮಟ್ಟ ಹಾಗೂ ತಾಲ್ಲೂಕು ಮಟ್ಟದಲ್ಲಿ ಉತ್ತಮ ಸಾಧನೆ ಮಾಡಿದ ರೈತರಿಂದ ಅರ್ಜಿ ಆಹ್ವಾನಿಸಲಾಗಿದೆ.

ಆಸಕ್ತ ರೈತರು ನಿಗದಿತ ನಮೂನೆಯಲ್ಲಿ ಅರ್ಜಿಯನ್ನು ಭರ್ತಿ ಮಾಡಿ ಅಗತ್ಯ ದಾಖಲೆಗಳೊಂದಿಗೆ ಸಂಬಂಧಪಟ್ಟ ತಾಲೂಕು ರೇಷ್ಮೆ ಸಹಾಯಕ ನಿರ್ದೇಶಕರ ಕಚೇರಿಗೆ ಸಲ್ಲಿಸಬೇಕು.

ಅರ್ಜಿ ಸಲ್ಲಿಸಲು ಫೆಬ್ರವರಿ ಕೊನೆಯ ದಿನಾಂಕವಾಗಿದ್ದು, ಹೆಚ್ಚಿನ ಮಾಹಿತಿಗಾಗಿ ರೇಷ್ಮೆ ಉಪನಿರ್ದೇಶಕರ ಕಚೇರಿಯನ್ನು ಸಂಪರ್ಕಿಸಬಹುದು ಎಂದು ಪ್ರಕಟಣೆಯಲ್ಲಿ ತಿಳಿಸಲಾಗಿದೆ.

ಕ್ರೀಡಾಕೂಟದಲ್ಲಿ ಭಾಗವಹಿಸಿ

ಚಿಕ್ಕಬಳ್ಳಾಪುರ: ಮೈ ಭಾರತ ಕೇಂದ್ರ ಕೋಲಾರ ಚಿಕ್ಕಬಳ್ಳಾಪುರ ಕೇಂದ್ರ ಸಂಸ್ಥೆ, ಜಿಲ್ಲಾ ಯುವಜನ ಸೇವಾ ಮತ್ತು ಕ್ರೀಡಾ ಇಲಾಖೆ ಸಹಯೋಗದಲ್ಲಿ ಯುವಜನರಿಗಾಗಿ ಜಿಲ್ಲಾ ಮಟ್ಟದ ಕ್ರೀಡಾಕೂಟವನ್ನು ಆಯೋಜಿಸಲಾಗಿದೆ.

2026 ರಂದು ಬೆಳಿಗ್ಗೆ 9 ಗಂಟೆಗೆ ಜಿಲ್ಲಾ ಕ್ರೀಡಾಂಗಣದಲ್ಲಿ ಕ್ರೀಡಾಕೂಟ ನಡೆಯಲಿದ್ದು, ಓಟ, ಕಬಡ್ಡಿ, ಖೋ-ಖೋ, ವಾಲಿಬಾಲ್ ಸ್ಪರ್ಧೆಗಳನ್ನು ಏರ್ಪಡಿಸಲಾಗಿದೆ. 15 ರಿಂದ 29 ವರ್ಷದೊಳಗಿನ ಯುವಜನರು ಭಾಗವಹಿಸಬಹುದು ಎಂದು ಕಚೇರಿ ತಿಳಿಸಿದೆ.
